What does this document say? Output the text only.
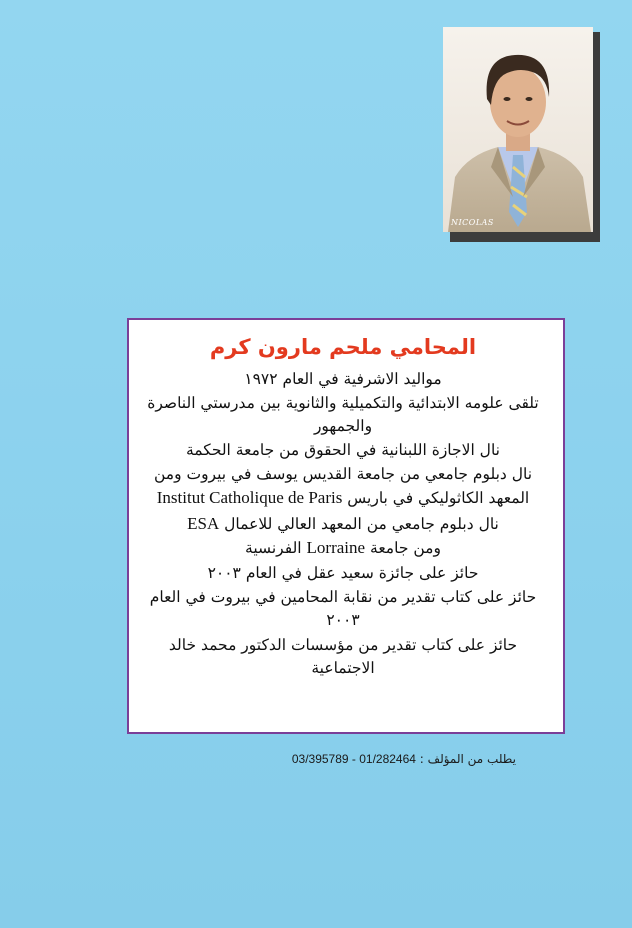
NICOLAS
المحامي ملحم مارون كرم
مواليد الاشرفية في العام ١٩٧٢
تلقى علومه الابتدائية والتكميلية والثانوية بين مدرستي الناصرة والجمهور
نال الاجازة اللبنانية في الحقوق من جامعة الحكمة
نال دبلوم جامعي من جامعة القديس يوسف في بيروت ومن المعهد الكاثوليكي في باريس Institut Catholique de Paris
نال دبلوم جامعي من المعهد العالي للاعمال ESA
ومن جامعة Lorraine الفرنسية
حائز على جائزة سعيد عقل في العام ٢٠٠٣
حائز على كتاب تقدير من نقابة المحامين في بيروت في العام ٢٠٠٣
حائز على كتاب تقدير من مؤسسات الدكتور محمد خالد الاجتماعية
يطلب من المؤلف : 03/395789 - 01/282464
